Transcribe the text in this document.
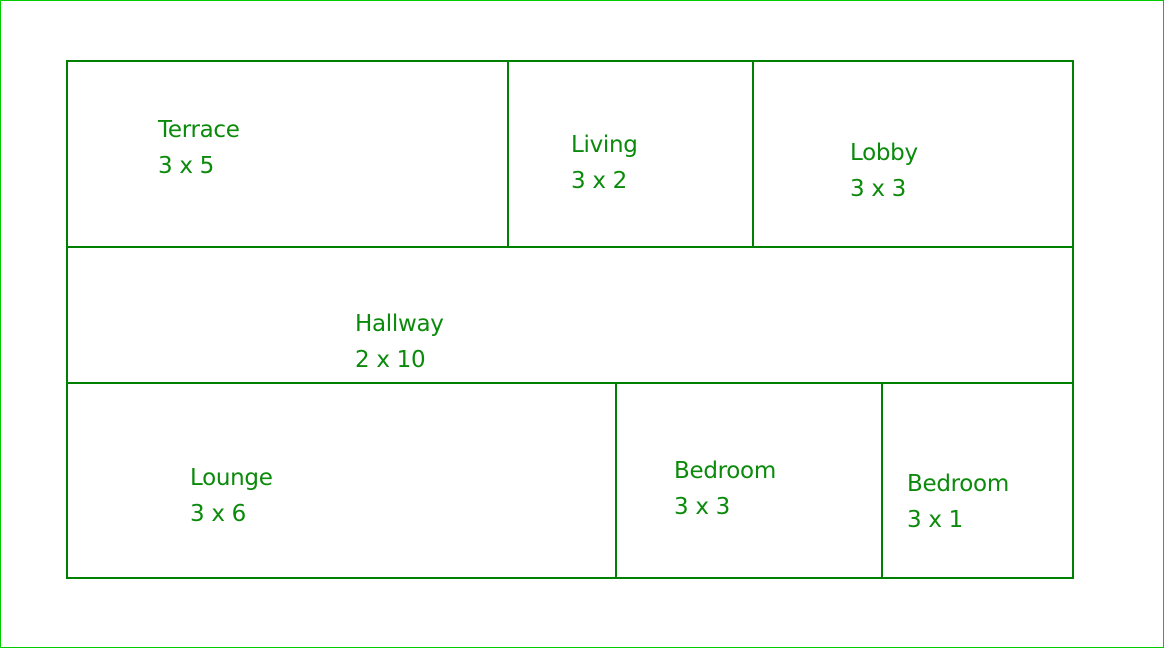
Terrace
3 x 5
Living
3 x 2
Lobby
3 x 3
Hallway
2 x 10
Lounge
3 x 6
Bedroom
3 x 3
Bedroom
3 x 1
